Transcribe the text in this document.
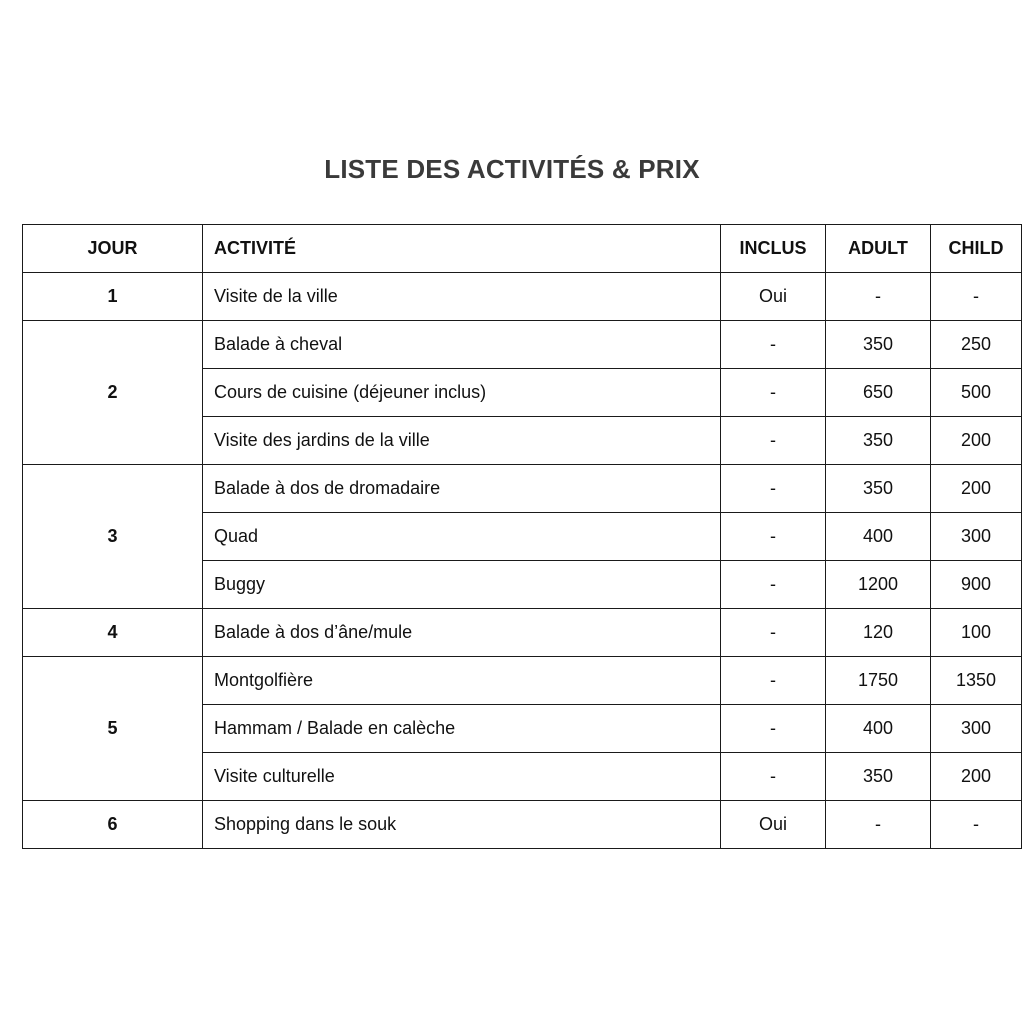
LISTE DES ACTIVITÉS & PRIX
JOUR	ACTIVITÉ	INCLUS	ADULT	CHILD
1	Visite de la ville	Oui	-	-
2	Balade à cheval	-	350	250
	Cours de cuisine (déjeuner inclus)	-	650	500
	Visite des jardins de la ville	-	350	200
3	Balade à dos de dromadaire	-	350	200
	Quad	-	400	300
	Buggy	-	1200	900
4	Balade à dos d’âne/mule	-	120	100
5	Montgolfière	-	1750	1350
	Hammam / Balade en calèche	-	400	300
	Visite culturelle	-	350	200
6	Shopping dans le souk	Oui	-	-
